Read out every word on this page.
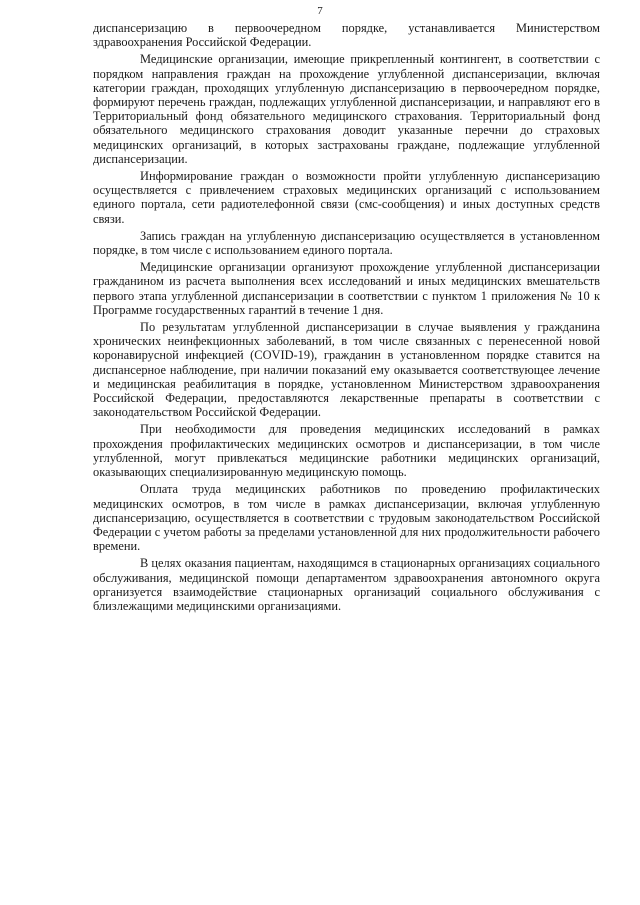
7

диспансеризацию в первоочередном порядке, устанавливается Министерством здравоохранения Российской Федерации.

Медицинские организации, имеющие прикрепленный контингент, в соответствии с порядком направления граждан на прохождение углубленной диспансеризации, включая категории граждан, проходящих углубленную диспансеризацию в первоочередном порядке, формируют перечень граждан, подлежащих углубленной диспансеризации, и направляют его в Территориальный фонд обязательного медицинского страхования. Территориальный фонд обязательного медицинского страхования доводит указанные перечни до страховых медицинских организаций, в которых застрахованы граждане, подлежащие углубленной диспансеризации.

Информирование граждан о возможности пройти углубленную диспансеризацию осуществляется с привлечением страховых медицинских организаций с использованием единого портала, сети радиотелефонной связи (смс-сообщения) и иных доступных средств связи.

Запись граждан на углубленную диспансеризацию осуществляется в установленном порядке, в том числе с использованием единого портала.

Медицинские организации организуют прохождение углубленной диспансеризации гражданином из расчета выполнения всех исследований и иных медицинских вмешательств первого этапа углубленной диспансеризации в соответствии с пунктом 1 приложения № 10 к Программе государственных гарантий в течение 1 дня.

По результатам углубленной диспансеризации в случае выявления у гражданина хронических неинфекционных заболеваний, в том числе связанных с перенесенной новой коронавирусной инфекцией (COVID-19), гражданин в установленном порядке ставится на диспансерное наблюдение, при наличии показаний ему оказывается соответствующее лечение и медицинская реабилитация в порядке, установленном Министерством здравоохранения Российской Федерации, предоставляются лекарственные препараты в соответствии с законодательством Российской Федерации.

При необходимости для проведения медицинских исследований в рамках прохождения профилактических медицинских осмотров и диспансеризации, в том числе углубленной, могут привлекаться медицинские работники медицинских организаций, оказывающих специализированную медицинскую помощь.

Оплата труда медицинских работников по проведению профилактических медицинских осмотров, в том числе в рамках диспансеризации, включая углубленную диспансеризацию, осуществляется в соответствии с трудовым законодательством Российской Федерации с учетом работы за пределами установленной для них продолжительности рабочего времени.

В целях оказания пациентам, находящимся в стационарных организациях социального обслуживания, медицинской помощи департаментом здравоохранения автономного округа организуется взаимодействие стационарных организаций социального обслуживания с близлежащими медицинскими организациями.
